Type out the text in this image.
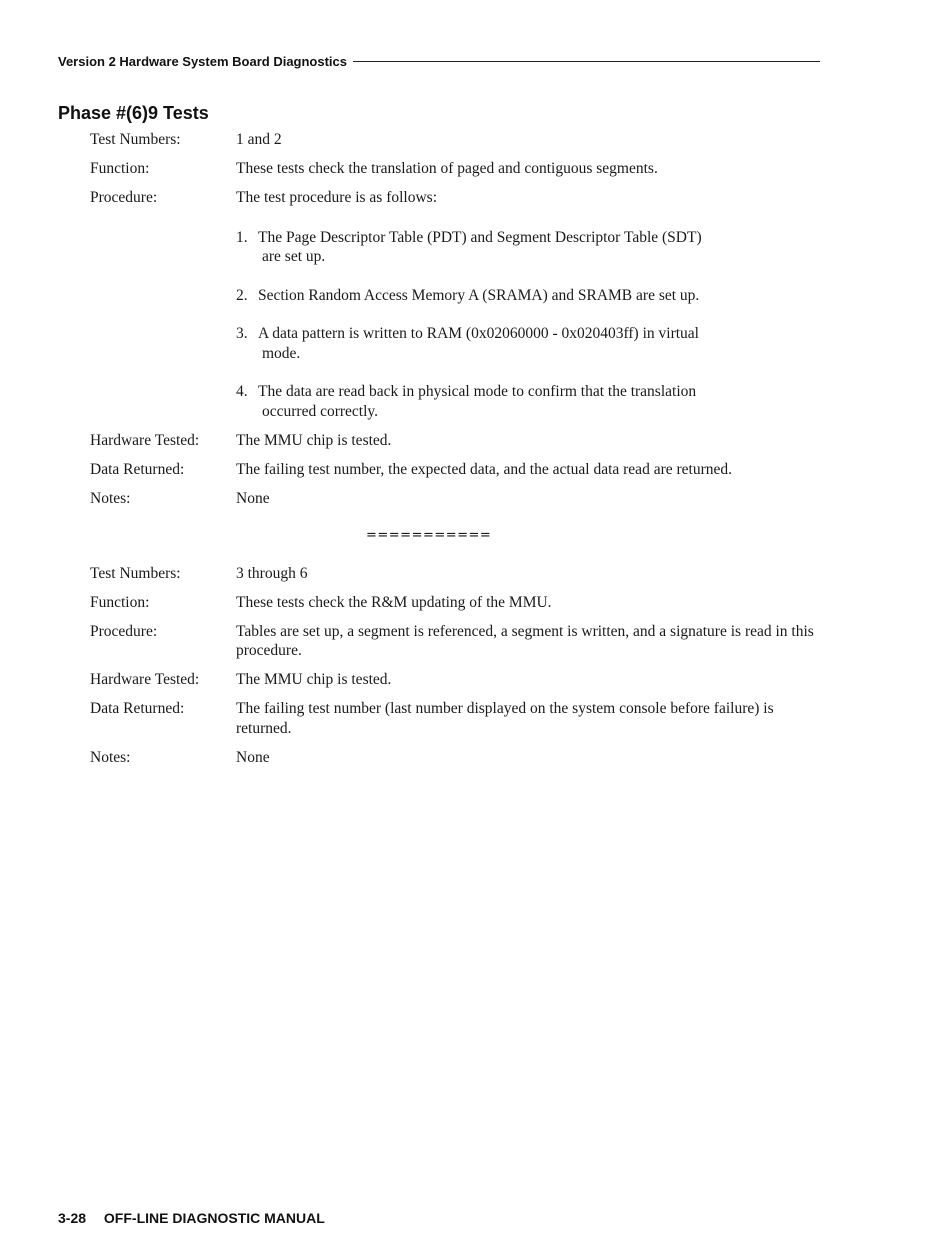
Version 2 Hardware System Board Diagnostics
Phase #(6)9 Tests
Test Numbers:	1 and 2
Function:	These tests check the translation of paged and contiguous segments.
Procedure:	The test procedure is as follows:
1. The Page Descriptor Table (PDT) and Segment Descriptor Table (SDT)
are set up.
2. Section Random Access Memory A (SRAMA) and SRAMB are set up.
3. A data pattern is written to RAM (0x02060000 - 0x020403ff) in virtual
mode.
4. The data are read back in physical mode to confirm that the translation
occurred correctly.
Hardware Tested:	The MMU chip is tested.
Data Returned:	The failing test number, the expected data, and the actual data read are returned.
Notes:	None
===========
Test Numbers:	3 through 6
Function:	These tests check the R&M updating of the MMU.
Procedure:	Tables are set up, a segment is referenced, a segment is written, and a signature is read in this procedure.
Hardware Tested:	The MMU chip is tested.
Data Returned:	The failing test number (last number displayed on the system console before failure) is returned.
Notes:	None
3-28 OFF-LINE DIAGNOSTIC MANUAL
